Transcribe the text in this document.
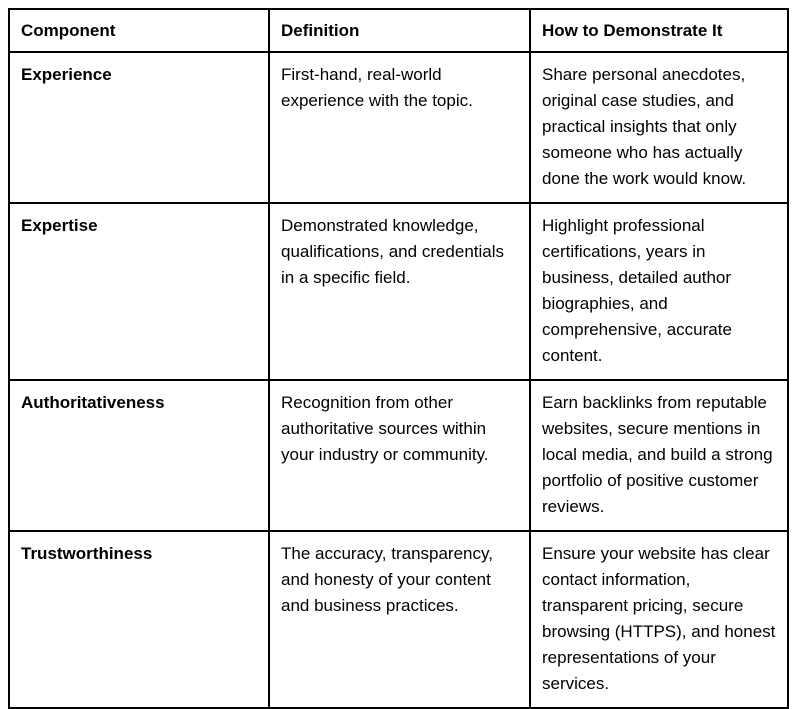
Component	Definition	How to Demonstrate It

Experience	First-hand, real-world experience with the topic.	Share personal anecdotes, original case studies, and practical insights that only someone who has actually done the work would know.

Expertise	Demonstrated knowledge, qualifications, and credentials in a specific field.	Highlight professional certifications, years in business, detailed author biographies, and comprehensive, accurate content.

Authoritativeness	Recognition from other authoritative sources within your industry or community.	Earn backlinks from reputable websites, secure mentions in local media, and build a strong portfolio of positive customer reviews.

Trustworthiness	The accuracy, transparency, and honesty of your content and business practices.	Ensure your website has clear contact information, transparent pricing, secure browsing (HTTPS), and honest representations of your services.
